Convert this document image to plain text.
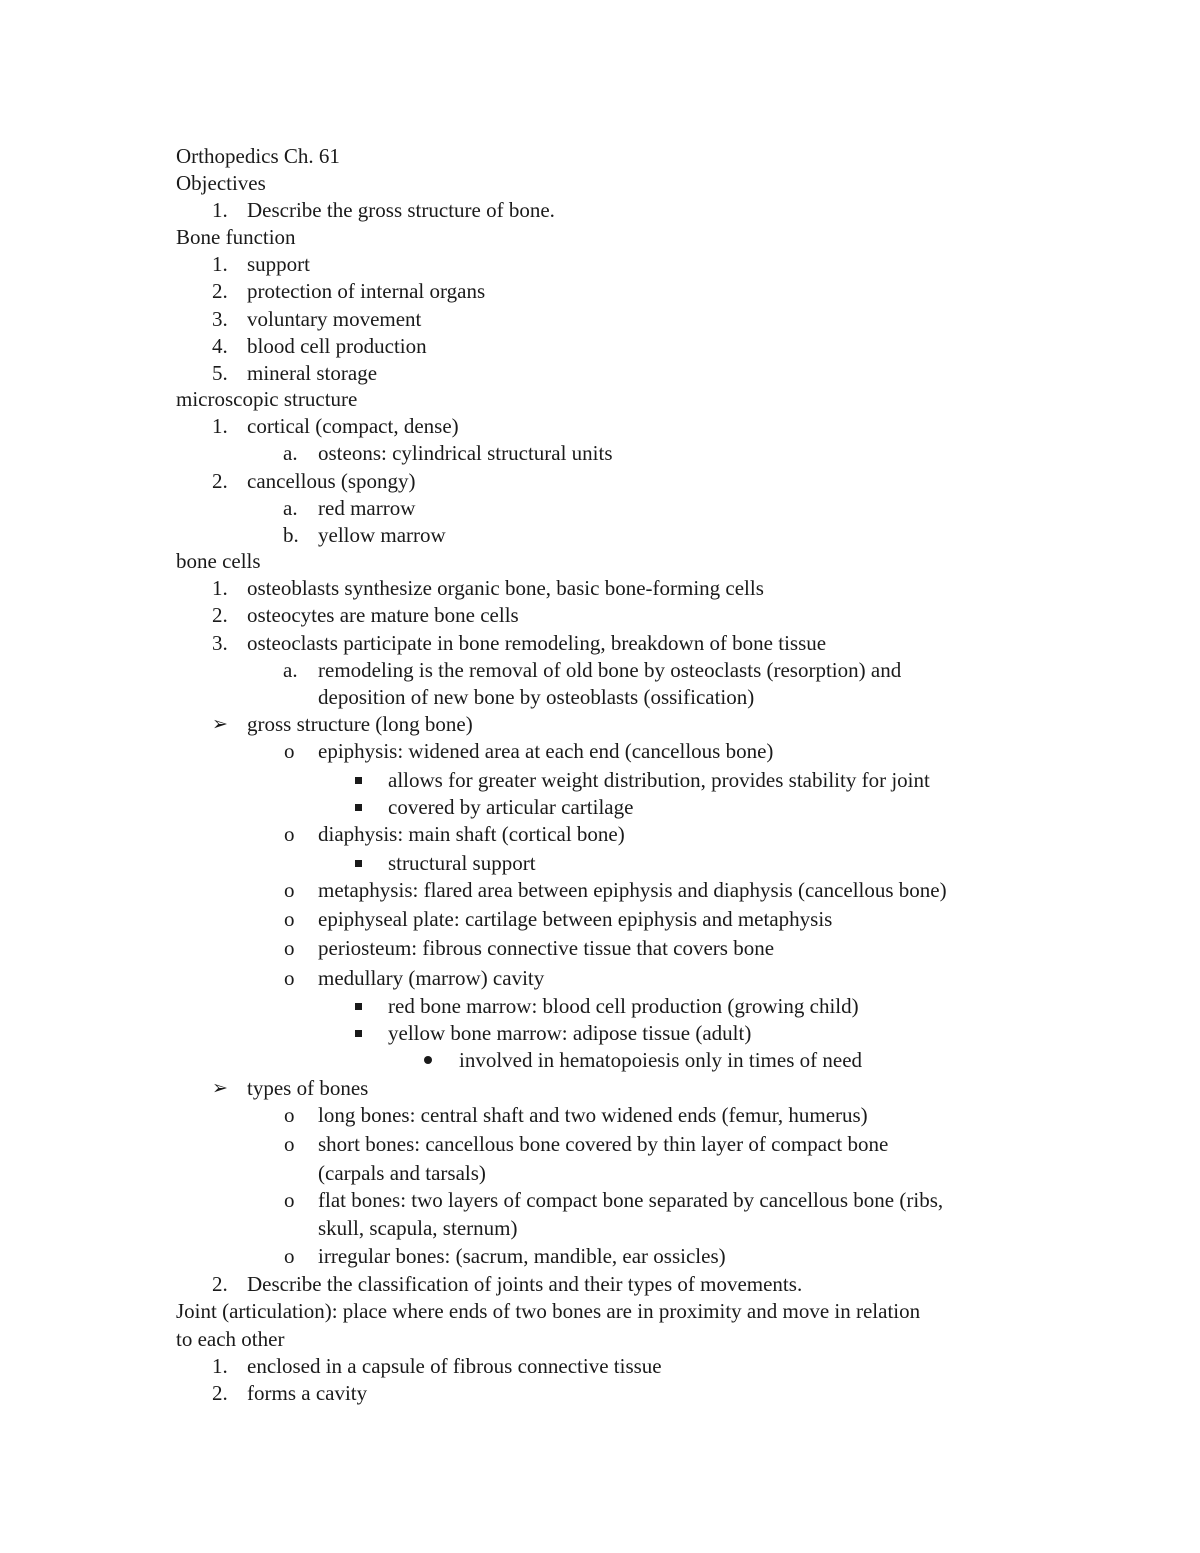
Orthopedics Ch. 61
Objectives
1. Describe the gross structure of bone.
Bone function
1. support
2. protection of internal organs
3. voluntary movement
4. blood cell production
5. mineral storage
microscopic structure
1. cortical (compact, dense)
a. osteons: cylindrical structural units
2. cancellous (spongy)
a. red marrow
b. yellow marrow
bone cells
1. osteoblasts synthesize organic bone, basic bone-forming cells
2. osteocytes are mature bone cells
3. osteoclasts participate in bone remodeling, breakdown of bone tissue
a. remodeling is the removal of old bone by osteoclasts (resorption) and
deposition of new bone by osteoblasts (ossification)
➢ gross structure (long bone)
o epiphysis: widened area at each end (cancellous bone)
allows for greater weight distribution, provides stability for joint
covered by articular cartilage
o diaphysis: main shaft (cortical bone)
structural support
o metaphysis: flared area between epiphysis and diaphysis (cancellous bone)
o epiphyseal plate: cartilage between epiphysis and metaphysis
o periosteum: fibrous connective tissue that covers bone
o medullary (marrow) cavity
red bone marrow: blood cell production (growing child)
yellow bone marrow: adipose tissue (adult)
involved in hematopoiesis only in times of need
➢ types of bones
o long bones: central shaft and two widened ends (femur, humerus)
o short bones: cancellous bone covered by thin layer of compact bone
(carpals and tarsals)
o flat bones: two layers of compact bone separated by cancellous bone (ribs,
skull, scapula, sternum)
o irregular bones: (sacrum, mandible, ear ossicles)
2. Describe the classification of joints and their types of movements.
Joint (articulation): place where ends of two bones are in proximity and move in relation
to each other
1. enclosed in a capsule of fibrous connective tissue
2. forms a cavity
